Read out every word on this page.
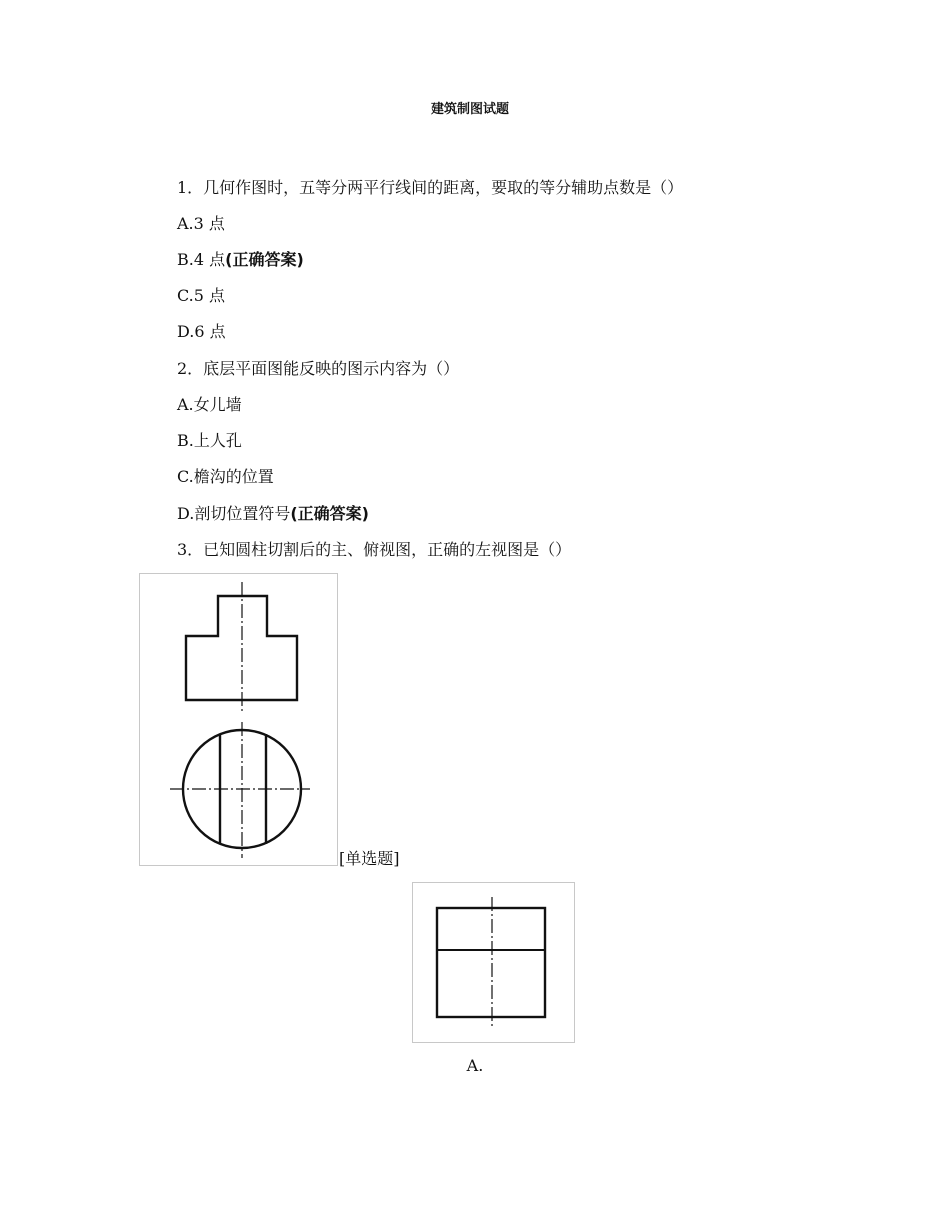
建筑制图试题
1．几何作图时，五等分两平行线间的距离，要取的等分辅助点数是（）
A.3 点
B.4 点(正确答案)
C.5 点
D.6 点
2．底层平面图能反映的图示内容为（）
A.女儿墙
B.上人孔
C.檐沟的位置
D.剖切位置符号(正确答案)
3．已知圆柱切割后的主、俯视图，正确的左视图是（）
[单选题]
A.
